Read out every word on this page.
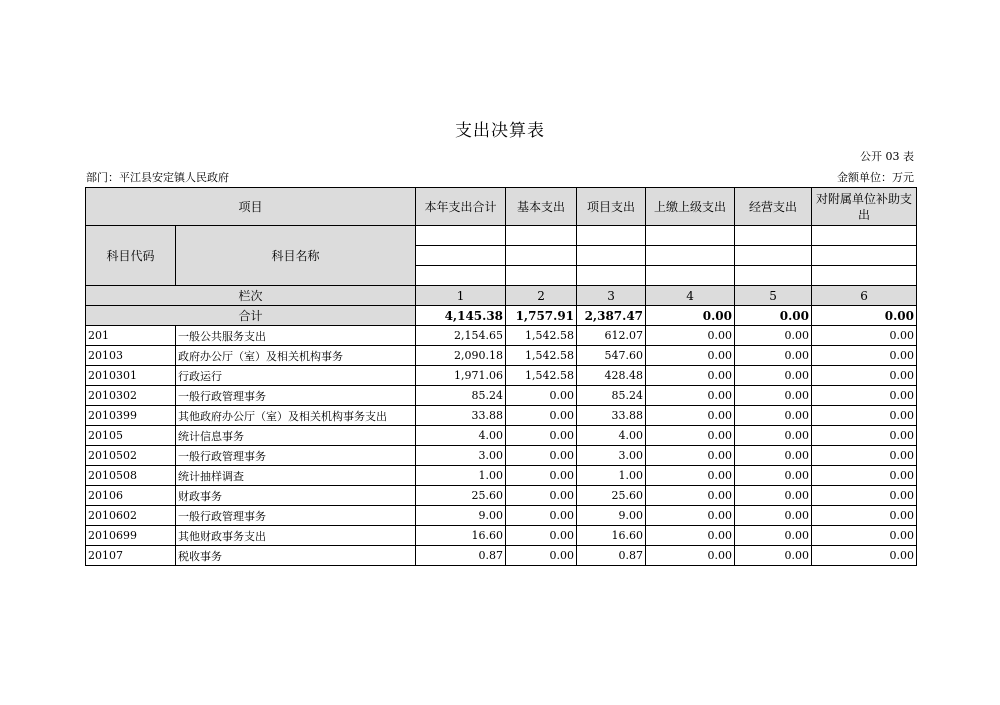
支出决算表
公开 03 表
部门：平江县安定镇人民政府	金额单位：万元
项目		本年支出合计	基本支出	项目支出	上缴上级支出	经营支出	对附属单位补助支出
科目代码	科目名称						

栏次		1	2	3	4	5	6
合计		4,145.38	1,757.91	2,387.47	0.00	0.00	0.00
201	一般公共服务支出	2,154.65	1,542.58	612.07	0.00	0.00	0.00
20103	政府办公厅（室）及相关机构事务	2,090.18	1,542.58	547.60	0.00	0.00	0.00
2010301	行政运行	1,971.06	1,542.58	428.48	0.00	0.00	0.00
2010302	一般行政管理事务	85.24	0.00	85.24	0.00	0.00	0.00
2010399	其他政府办公厅（室）及相关机构事务支出	33.88	0.00	33.88	0.00	0.00	0.00
20105	统计信息事务	4.00	0.00	4.00	0.00	0.00	0.00
2010502	一般行政管理事务	3.00	0.00	3.00	0.00	0.00	0.00
2010508	统计抽样调查	1.00	0.00	1.00	0.00	0.00	0.00
20106	财政事务	25.60	0.00	25.60	0.00	0.00	0.00
2010602	一般行政管理事务	9.00	0.00	9.00	0.00	0.00	0.00
2010699	其他财政事务支出	16.60	0.00	16.60	0.00	0.00	0.00
20107	税收事务	0.87	0.00	0.87	0.00	0.00	0.00
